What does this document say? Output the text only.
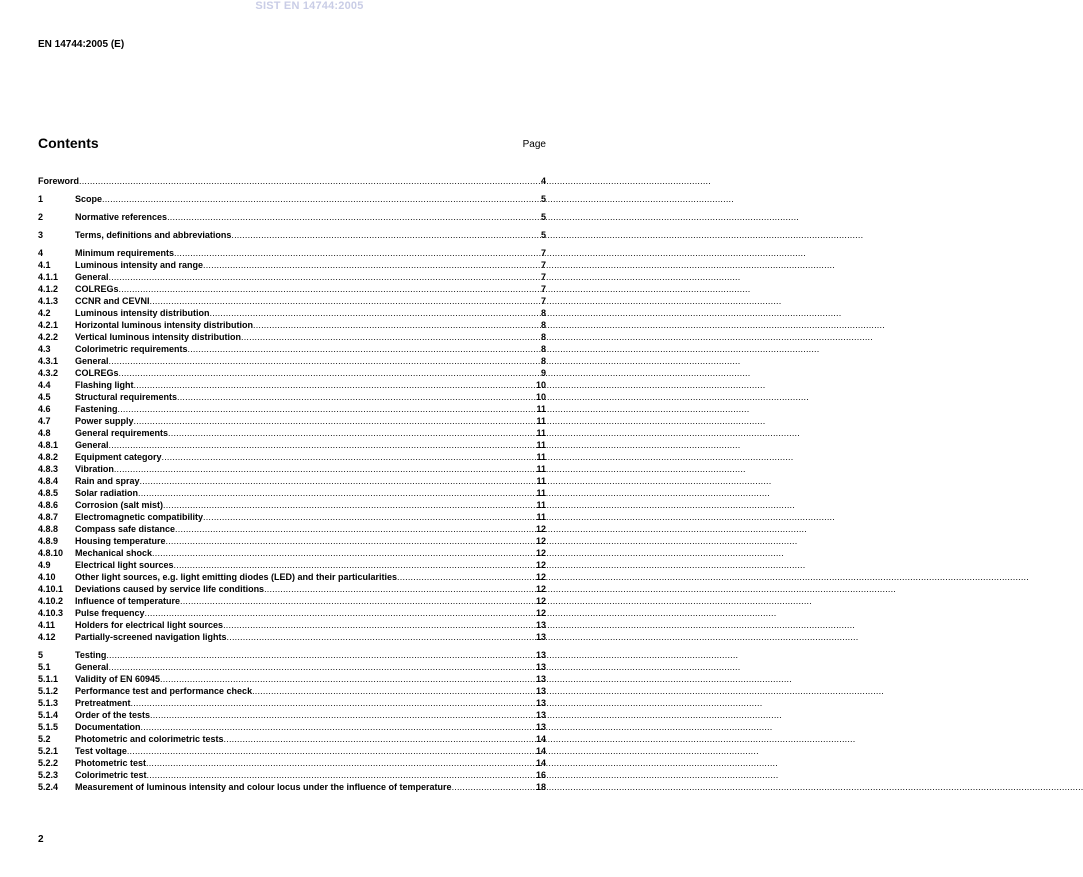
SIST EN 14744:2005
EN 14744:2005 (E)
Contents	Page
Foreword .....	4
1	Scope .....	5
2	Normative references .....	5
3	Terms, definitions and abbreviations .....	5
4	Minimum requirements .....	7
4.1	Luminous intensity and range .....	7
4.1.1	General .....	7
4.1.2	COLREGs .....	7
4.1.3	CCNR and CEVNI .....	7
4.2	Luminous intensity distribution .....	8
4.2.1	Horizontal luminous intensity distribution .....	8
4.2.2	Vertical luminous intensity distribution .....	8
4.3	Colorimetric requirements .....	8
4.3.1	General .....	8
4.3.2	COLREGs .....	9
4.4	Flashing light .....	10
4.5	Structural requirements .....	10
4.6	Fastening .....	11
4.7	Power supply .....	11
4.8	General requirements .....	11
4.8.1	General .....	11
4.8.2	Equipment category .....	11
4.8.3	Vibration .....	11
4.8.4	Rain and spray .....	11
4.8.5	Solar radiation .....	11
4.8.6	Corrosion (salt mist) .....	11
4.8.7	Electromagnetic compatibility .....	11
4.8.8	Compass safe distance .....	12
4.8.9	Housing temperature .....	12
4.8.10	Mechanical shock .....	12
4.9	Electrical light sources .....	12
4.10	Other light sources, e.g. light emitting diodes (LED) and their particularities .....	12
4.10.1	Deviations caused by service life conditions .....	12
4.10.2	Influence of temperature .....	12
4.10.3	Pulse frequency .....	12
4.11	Holders for electrical light sources .....	13
4.12	Partially-screened navigation lights .....	13
5	Testing .....	13
5.1	General .....	13
5.1.1	Validity of EN 60945 .....	13
5.1.2	Performance test and performance check .....	13
5.1.3	Pretreatment .....	13
5.1.4	Order of the tests .....	13
5.1.5	Documentation .....	13
5.2	Photometric and colorimetric tests .....	14
5.2.1	Test voltage .....	14
5.2.2	Photometric test .....	14
5.2.3	Colorimetric test .....	16
5.2.4	Measurement of luminous intensity and colour locus under the influence of temperature .....	18
2
